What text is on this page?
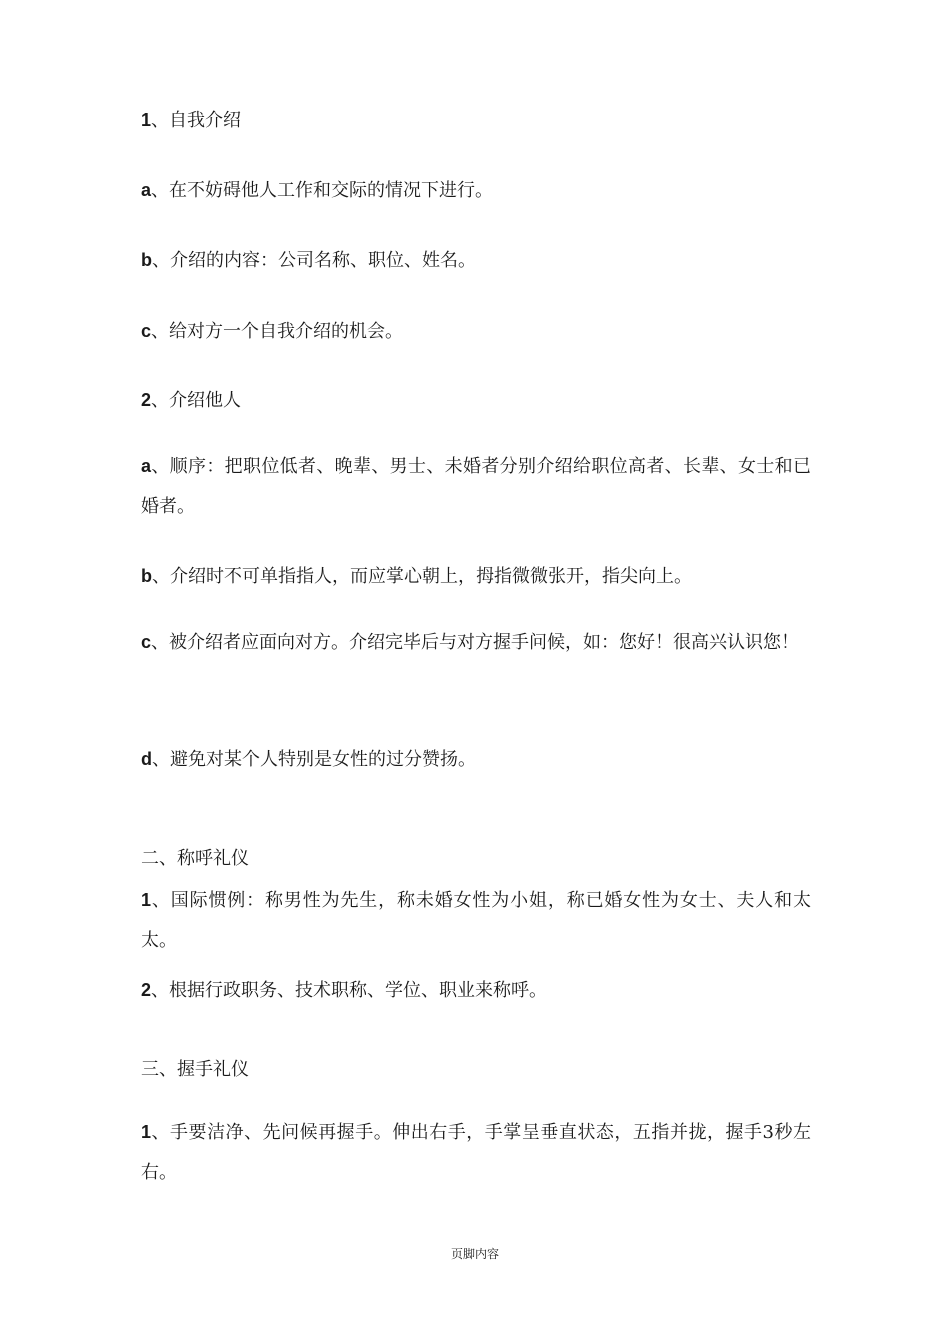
1、自我介绍
a、在不妨碍他人工作和交际的情况下进行。
b、介绍的内容：公司名称、职位、姓名。
c、给对方一个自我介绍的机会。
2、介绍他人
a、顺序：把职位低者、晚辈、男士、未婚者分别介绍给职位高者、长辈、女士和已婚者。
b、介绍时不可单指指人，而应掌心朝上，拇指微微张开，指尖向上。
c、被介绍者应面向对方。介绍完毕后与对方握手问候，如：您好！很高兴认识您！
d、避免对某个人特别是女性的过分赞扬。
二、称呼礼仪
1、国际惯例：称男性为先生，称未婚女性为小姐，称已婚女性为女士、夫人和太太。
2、根据行政职务、技术职称、学位、职业来称呼。
三、握手礼仪
1、手要洁净、先问候再握手。伸出右手，手掌呈垂直状态，五指并拢，握手3秒左右。
页脚内容
